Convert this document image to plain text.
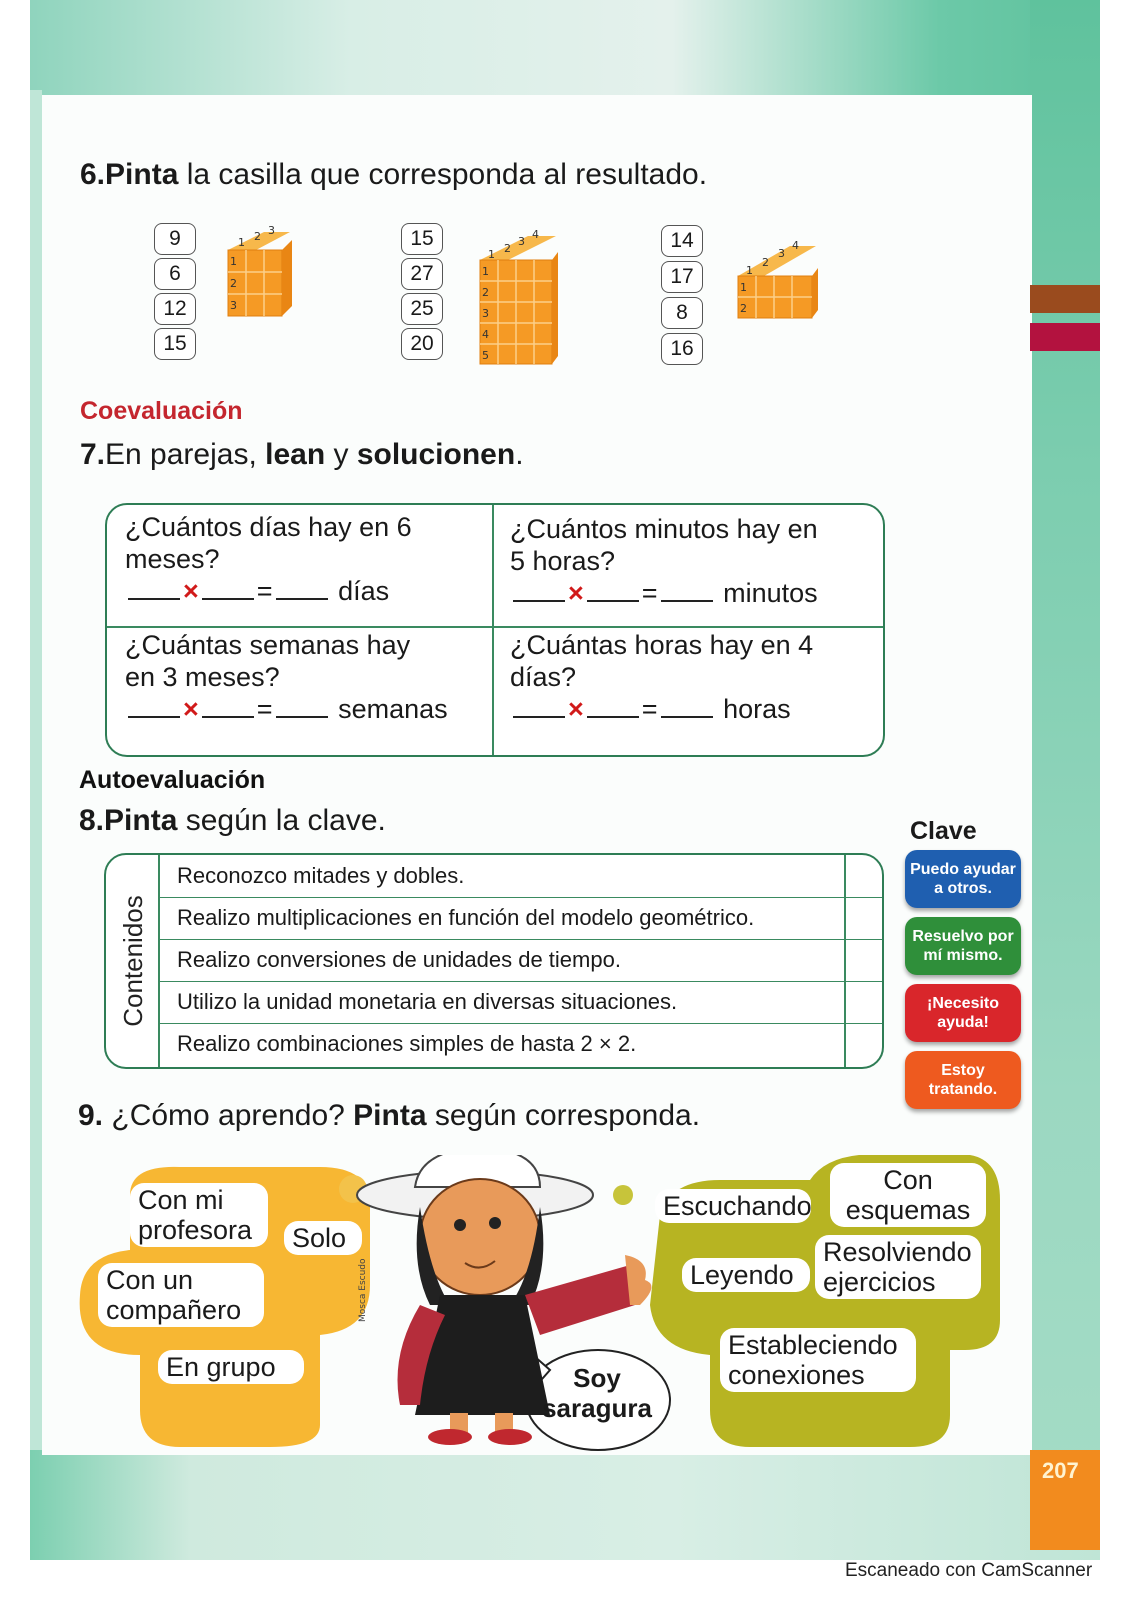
207
6.Pinta la casilla que corresponda al resultado.
9
6
12
15
15
27
25
20
14
17
8
16
1 2 3
1
2
3
1 2
3
4
1
2
3
4
5
1
2
3
4
1
2
Coevaluación
7.En parejas, lean y solucionen.
¿Cuántos días hay en 6
meses?
× = días
¿Cuántos minutos hay en
5 horas?
× = minutos
¿Cuántas semanas hay
en 3 meses?
× = semanas
¿Cuántas horas hay en 4
días?
× = horas
Autoevaluación
8.Pinta según la clave.
Contenidos
Reconozco mitades y dobles.
Realizo multiplicaciones en función del modelo geométrico.
Realizo conversiones de unidades de tiempo.
Utilizo la unidad monetaria en diversas situaciones.
Realizo combinaciones simples de hasta 2 × 2.
Clave
Puedo ayudar a otros.
Resuelvo por mí mismo.
¡Necesito ayuda!
Estoy tratando.
9. ¿Cómo aprendo? Pinta según corresponda.
Mosca Escudo
Con mi profesora	Solo
Con un compañero
En grupo
Escuchando
Con esquemas
Leyendo
Resolviendo ejercicios
Estableciendo conexiones
Soy saragura
Escaneado con CamScanner
